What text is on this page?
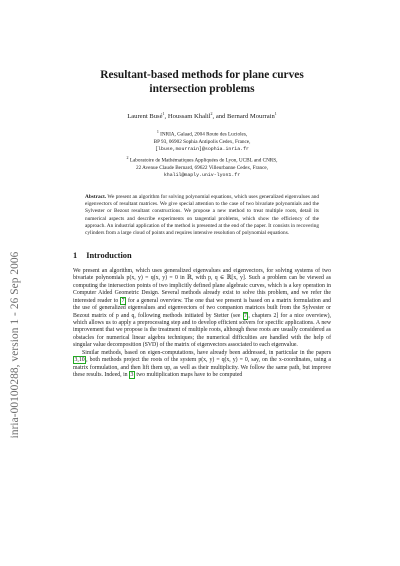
inria-00100288, version 1 - 26 Sep 2006
Resultant-based methods for plane curves
intersection problems
Laurent Busé$^1$, Houssam Khalil$^2$, and Bernard Mourrain$^1$
$^1$ INRIA, Galaad, 2004 Route des Lucioles,
BP 93, 06902 Sophia Antipolis Cedex, France,
[lbuse,mourrain]@sophia.inria.fr
$^2$ Laboratoire de Mathématiques Appliquées de Lyon, UCBL and CNRS,
22 Avenue Claude Bernard, 69622 Villeurbanne Cedex, France,
khalil@maply.univ-lyon1.fr
Abstract. We present an algorithm for solving polynomial equations, which uses generalized eigenvalues and eigenvectors of resultant matrices. We give special attention to the case of two bivariate polynomials and the Sylvester or Bezout resultant constructions. We propose a new method to treat multiple roots, detail its numerical aspects and describe experiments on tangential problems, which show the efficiency of the approach. An industrial application of the method is presented at the end of the paper. It consists in recovering cylinders from a large cloud of points and requires intensive resolution of polynomial equations.
1 Introduction

We present an algorithm, which uses generalized eigenvalues and eigenvectors, for solving systems of two bivariate polynomials p(x, y) = q(x, y) = 0 in ℝ, with p, q ∈ ℝ[x, y]. Such a problem can be viewed as computing the intersection points of two implicitly defined plane algebraic curves, which is a key operation in Computer Aided Geometric Design. Several methods already exist to solve this problem, and we refer the interested reader to 7 for a general overview. The one that we present is based on a matrix formulation and the use of generalized eigenvalues and eigenvectors of two companion matrices built from the Sylvester or Bezout matrix of p and q, following methods initiated by Stetter (see 7 , chapters 2] for a nice overview), which allows us to apply a preprocessing step and to develop efficient solvers for specific applications. A new improvement that we propose is the treatment of multiple roots, although these roots are usually considered as obstacles for numerical linear algebra techniques; the numerical difficulties are handled with the help of singular value decomposition (SVD) of the matrix of eigenvectors associated to each eigenvalue.

Similar methods, based on eigen-computations, have already been addressed, in particular in the papers 3,10 , both methods project the roots of the system p(x, y) = q(x, y) = 0, say, on the x-coordinates, using a matrix formulation, and then lift them up, as well as their multiplicity. We follow the same path, but improve these results. Indeed, in 3 two multiplication maps have to be computed
